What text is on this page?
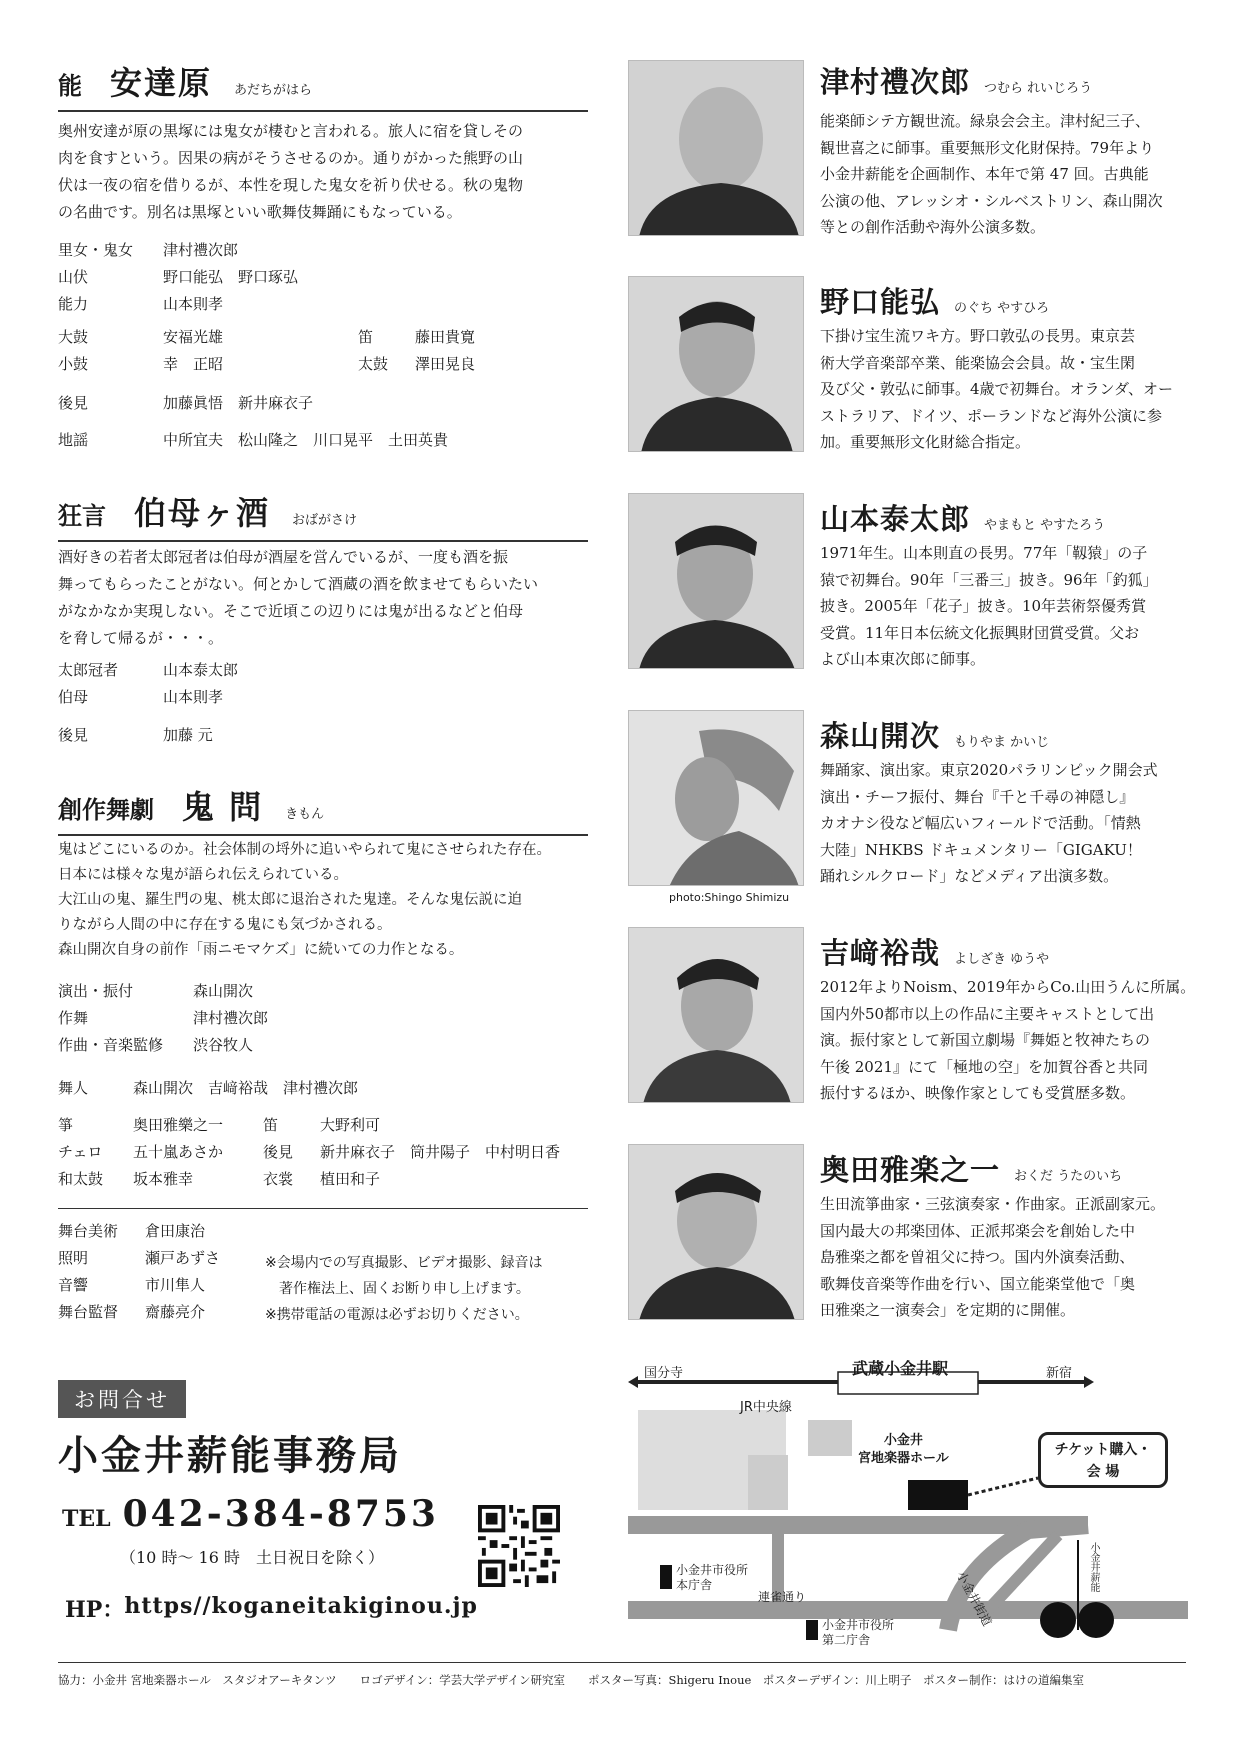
能 安達原 あだちがはら
奥州安達が原の黒塚には鬼女が棲むと言われる。旅人に宿を貸しその
肉を食すという。因果の病がそうさせるのか。通りがかった熊野の山
伏は一夜の宿を借りるが、本性を現した鬼女を祈り伏せる。秋の鬼物
の名曲です。別名は黒塚といい歌舞伎舞踊にもなっている。
里女・鬼女	津村禮次郎
山伏	野口能弘　野口琢弘
能力	山本則孝
大鼓	安福光雄	笛	藤田貴寛
小鼓	幸　正昭	太鼓	澤田晃良
後見	加藤眞悟　新井麻衣子
地謡	中所宜夫　松山隆之　川口晃平　土田英貴
狂言 伯母ヶ酒 おばがさけ
酒好きの若者太郎冠者は伯母が酒屋を営んでいるが、一度も酒を振
舞ってもらったことがない。何とかして酒蔵の酒を飲ませてもらいたい
がなかなか実現しない。そこで近頃この辺りには鬼が出るなどと伯母
を脅して帰るが・・・。
太郎冠者	山本泰太郎
伯母	山本則孝
後見	加藤 元
創作舞劇 鬼 問 きもん
鬼はどこにいるのか。社会体制の埒外に追いやられて鬼にさせられた存在。
日本には様々な鬼が語られ伝えられている。
大江山の鬼、羅生門の鬼、桃太郎に退治された鬼達。そんな鬼伝説に迫
りながら人間の中に存在する鬼にも気づかされる。
森山開次自身の前作「雨ニモマケズ」に続いての力作となる。
演出・振付	森山開次
作舞	津村禮次郎
作曲・音楽監修	渋谷牧人
舞人	森山開次　吉﨑裕哉　津村禮次郎
箏	奥田雅樂之一	笛	大野利可
チェロ	五十嵐あさか	後見	新井麻衣子　筒井陽子　中村明日香
和太鼓	坂本雅幸	衣裳	植田和子
舞台美術	倉田康治
照明	瀬戸あずさ
音響	市川隼人
舞台監督	齋藤亮介
※会場内での写真撮影、ビデオ撮影、録音は
　著作権法上、固くお断り申し上げます。
※携帯電話の電源は必ずお切りください。
お問合せ
小金井薪能事務局
TEL 042-384-8753
（10 時～ 16 時　土日祝日を除く）
HP： https//koganeitakiginou.jp
津村禮次郎 つむら れいじろう
能楽師シテ方観世流。緑泉会会主。津村紀三子、
観世喜之に師事。重要無形文化財保持。79年より
小金井薪能を企画制作、本年で第 47 回。古典能
公演の他、アレッシオ・シルベストリン、森山開次
等との創作活動や海外公演多数。
野口能弘 のぐち やすひろ
下掛け宝生流ワキ方。野口敦弘の長男。東京芸
術大学音楽部卒業、能楽協会会員。故・宝生閑
及び父・敦弘に師事。4歳で初舞台。オランダ、オー
ストラリア、ドイツ、ポーランドなど海外公演に参
加。重要無形文化財総合指定。
山本泰太郎 やまもと やすたろう
1971年生。山本則直の長男。77年「靱猿」の子
猿で初舞台。90年「三番三」披き。96年「釣狐」
披き。2005年「花子」披き。10年芸術祭優秀賞
受賞。11年日本伝統文化振興財団賞受賞。父お
よび山本東次郎に師事。
photo:Shingo Shimizu
森山開次 もりやま かいじ
舞踊家、演出家。東京2020パラリンピック開会式
演出・チーフ振付、舞台『千と千尋の神隠し』
カオナシ役など幅広いフィールドで活動。「情熱
大陸」NHKBS ドキュメンタリー「GIGAKU！
踊れシルクロード」などメディア出演多数。
吉﨑裕哉 よしざき ゆうや
2012年よりNoism、2019年からCo.山田うんに所属。
国内外50都市以上の作品に主要キャストとして出
演。振付家として新国立劇場『舞姫と牧神たちの
午後 2021』にて「極地の空」を加賀谷香と共同
振付するほか、映像作家としても受賞歴多数。
奥田雅楽之一 おくだ うたのいち
生田流箏曲家・三弦演奏家・作曲家。正派副家元。
国内最大の邦楽団体、正派邦楽会を創始した中
島雅楽之都を曽祖父に持つ。国内外演奏活動、
歌舞伎音楽等作曲を行い、国立能楽堂他で「奥
田雅楽之一演奏会」を定期的に開催。
チケット購入・
会 場
武蔵小金井駅
国分寺	新宿
JR中央線
小金井
宮地楽器ホール
小金井市役所
本庁舎
小金井市役所
第二庁舎
連雀通り	小金井街道
小金井薪能
協力：小金井 宮地楽器ホール　スタジオアーキタンツ　　ロゴデザイン：学芸大学デザイン研究室　　ポスター写真：Shigeru Inoue　ポスターデザイン：川上明子　ポスター制作：はけの道編集室
